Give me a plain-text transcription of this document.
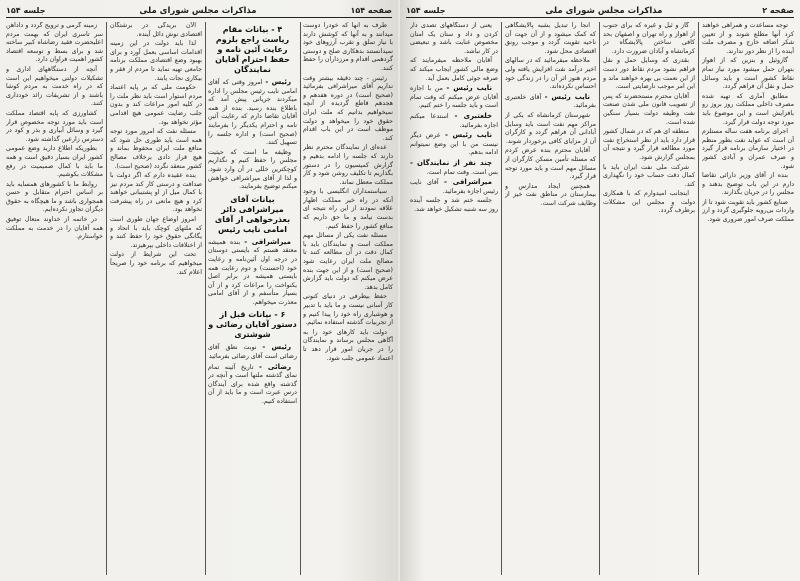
صفحه ۱۵۴
مذاکرات مجلس شورای ملی
جلسه ۱۵۴

طرف به آنها که خودرا دوست میدانند و به آنها که کوشش دارند با نیاز تملق و تقرب آرزوهای خود نمیدانستند بدهکاری صلح و دوستی گردهمی اقدام و مرزداران را حفظ کنند.

رئیس - چند دقیقه بیشتر وقت نداریم آقای میراشرافی بفرمائید (صحیح است) در دوره هفدهم و هجدهم قاطع گردیده از آنچه نمیخواهیم بدانیم که ملت ایران حقوق خود را میخواهد و دولت موظف است در این باب اقدام کند.

عده‌ای از نمایندگان محترم نظر دارند که جلسه را ادامه بدهیم و گزارش کمیسیون را در دستور بگذاریم تا تکلیف روشن شود و کار مملکت معطل نماند.

سیاستمداران انگلیسی با وجود آنکه در راه خیر مملکت اظهار علاقه نمودند از این راه نتیجه ای بدست نیامد و ما حق داریم که منافع کشور را حفظ کنیم.

مسئله نفت یکی از مسائل مهم مملکت است و نمایندگان باید با کمال دقت در آن مطالعه کنند تا مصالح ملت ایران رعایت شود (صحیح است) و از این جهت بنده عرض میکنم که دولت باید گزارش کامل بدهد.

حفظ بیطرفی در دنیای کنونی کار آسانی نیست و ما باید با تدبیر و هوشیاری راه خود را پیدا کنیم و از تجربیات گذشته استفاده نمائیم.

دولت باید کارهای خود را به آگاهی مجلس برساند و نمایندگان را در جریان امور قرار دهد تا اعتماد عمومی جلب شود.

۴ - بیانات مقام ریاست راجع بلزوم رعایت آئین نامه و حفظ احترام آقایان نمایندگان

رئیس - امروز وقتی که آقای امامی نایب رئیس مجلس را اداره میکردند جریانی پیش آمد که باطلاع بنده رسید. بنده از همه آقایان تقاضا دارم که رعایت آئین نامه و احترام یکدیگر را بفرمایند (صحیح است) و اداره جلسه را تسهیل کنند.

وظیفه ما است که حیثیت مجلس را حفظ کنیم و نگذاریم کوچکترین خللی در آن وارد شود. و لذا از آقای میراشرافی خواهش میکنم توضیح بفرمایند.

بیانات آقای میراشرافی دائر بعذرخواهی از آقای امامی نایب رئیس

میراشرافی - بنده همیشه معتقد هستم که بایستی دوستان در درجه اول آئین‌نامه و رعایت خود (احسنت) و دوم رعایت همه بایستی همیشه در برابر اصل یکنواخت را مراعات کرد و از آن بسیار متأسفم و از آقای امامی معذرت میخواهم.

۶ - بیانات قبل از دستور آقایان رضائی و شوشتری

رئیس - نوبت نطق آقای رضائی است آقای رضائی بفرمائید

رضائی - تاریخ آئینه تمام نمای گذشته ملتها است و آنچه در گذشته واقع شده برای آیندگان درس عبرت است و ما باید از آن استفاده کنیم.

الآن بریدگی در برشتگان اقتصادی نوش دائل آینده.

لذا باید دولت در این زمینه اقدامات اساسی بعمل آورد و برای بهبود وضع اقتصادی مملکت برنامه جامعی تهیه نماید تا مردم از فقر و بیکاری نجات یابند.

حکومت ملی که بر پایه اعتماد مردم استوار است باید نظر ملت را در کلیه امور مراعات کند و بدون جلب رضایت عمومی هیچ اقدامی مؤثر نخواهد بود.

مسئله نفت که امروز مورد توجه همه است باید طوری حل شود که منافع ملت ایران محفوظ بماند و هیچ قرار دادی برخلاف مصالح کشور منعقد نگردد (صحیح است).

بنده عقیده دارم که اگر دولت با صداقت و درستی کار کند مردم نیز با کمال میل از او پشتیبانی خواهند کرد و هیچ مانعی در راه پیشرفت نخواهد بود.

امروز اوضاع جهان طوری است که ملتهای کوچک باید با اتحاد و یگانگی حقوق خود را حفظ کنند و از اختلافات داخلی بپرهیزند.

تحت این شرایط از دولت میخواهیم که برنامه خود را صریحاً اعلام کند.

زمینه گرمی و ترویج گردد و دادآهن سر تاسری ایران که بهمت مردم اعلیحضرت فقید رضاشاه کبیر ساخته شد و برای بسط و توسعه اقتصاد کشور اهمیت فراوان دارد.

آنچه از دستگاههای اداری و تشکیلات دولتی میخواهیم این است که در راه خدمت به مردم کوشا باشند و از تشریفات زائد خودداری کنند.

کشاورزی که پایه اقتصاد مملکت است باید مورد توجه مخصوص قرار گیرد و وسائل آبیاری و بذر و کود در دسترس زارعین گذاشته شود.

بطوریکه اطلاع دارید وضع عمومی کشور ایران بسیار دقیق است و همه ما باید با کمال صمیمیت در رفع مشکلات بکوشیم.

روابط ما با کشورهای همسایه باید بر اساس احترام متقابل و حسن همجواری باشد و ما هیچگاه به حقوق دیگران تجاوز نکرده‌ایم.

در خاتمه از خداوند متعال توفیق همه آقایان را در خدمت به مملکت خواستارم.

جلسه ۱۵۴	مذاکرات مجلس شورای ملی	صفحه ۲

توجه مساعدت و همراهی خواهند کرد آنها مطلع شوند و از تعیین شکر اضافه خارج و مصرف ملت آینده را از نظر دور ندارند.

گازوئیل و بنزین که از اهواز بتهران حمل میشود مورد نیاز تمام نقاط کشور است و باید وسائل حمل و نقل آن فراهم گردد.

مطابق آماری که تهیه شده مصرف داخلی مملکت روز بروز رو بافزایش است و این موضوع باید مورد توجه دولت قرار گیرد.

اجرای برنامه هفت ساله مستلزم آن است که عواید نفت بطور منظم در اختیار سازمان برنامه قرار گیرد و صرف عمران و آبادی کشور شود.

بنده از آقای وزیر دارائی تقاضا دارم در این باب توضیح بدهند و مجلس را در جریان بگذارند.

صنایع کشور باید تقویت شود تا از واردات بی‌رویه جلوگیری گردد و ارز مملکت صرف امور ضروری شود.

گاز و ئیل و غیره که برای جنوب از اهواز و راه تهران و اصفهان بحد کافی ساختن پالایشگاه در کرمانشاه و آبادان ضرورت دارد.

بقدری که وسایل حمل و نقل فراهم نشود مردم نقاط دور دست از این نعمت بی بهره خواهند ماند و این امر موجب نارضایتی است.

آقایان محترم مستحضرند که پس از تصویب قانون ملی شدن صنعت نفت وظیفه دولت بسیار سنگین شده است.

منطقه ای هم که در شمال کشور قرار دارد باید از نظر استخراج نفت مورد مطالعه قرار گیرد و نتیجه آن بمجلس گزارش شود.

شرکت ملی نفت ایران باید با کمال دقت حساب خود را نگهداری کند.

اینجانب امیدوارم که با همکاری دولت و مجلس این مشکلات برطرف گردد.

آنجا را تبدیل بشبه پالایشگاهی که کمک میشود و از آن جهت آن ناحیه تقویت گردد و موجب رونق اقتصادی محل شود.

ملاحظه میفرمائید که در سالهای اخیر درآمد نفت افزایش یافته ولی مردم هنوز اثر آن را در زندگی خود احساس نکرده‌اند.

نایب رئیس - آقای خلعتبری بفرمائید.

شهرستان کرمانشاه که یکی از مراکز مهم نفت است باید وسایل آبادانی آن فراهم گردد و کارگران آن از مزایای کافی برخوردار شوند.

آقایان محترم بنده عرض کردم که مسئله تأمین مسکن کارگران از مسائل مهم است و باید مورد توجه قرار گیرد.

همچنین ایجاد مدارس و بیمارستان در مناطق نفت خیز از وظایف شرکت است.

یعنی از دستگاههای تصدی دار کردن و داد و ستان یک امتان مخصوص عنایت باشد و تبعیضی در کار نباشد.

آقایان ملاحظه میفرمایند که وضع مالی کشور ایجاب میکند که صرفه جوئی کامل بعمل آید.

نایب رئیس - من با اجازه آقایان عرض میکنم که وقت تمام است و باید جلسه را ختم کنیم.

خلعتبری - استدعا میکنم اجازه بفرمائید.

نایب رئیس - عرض دیگر نیست من با این وضع نمیتوانم ادامه بدهم.

چند نفر از نمایندگان - بس است. وقت تمام است.

میراشرافی - آقای نایب رئیس اجازه بفرمائید.

جلسه ختم شد و جلسه آینده روز سه شنبه تشکیل خواهد شد.
